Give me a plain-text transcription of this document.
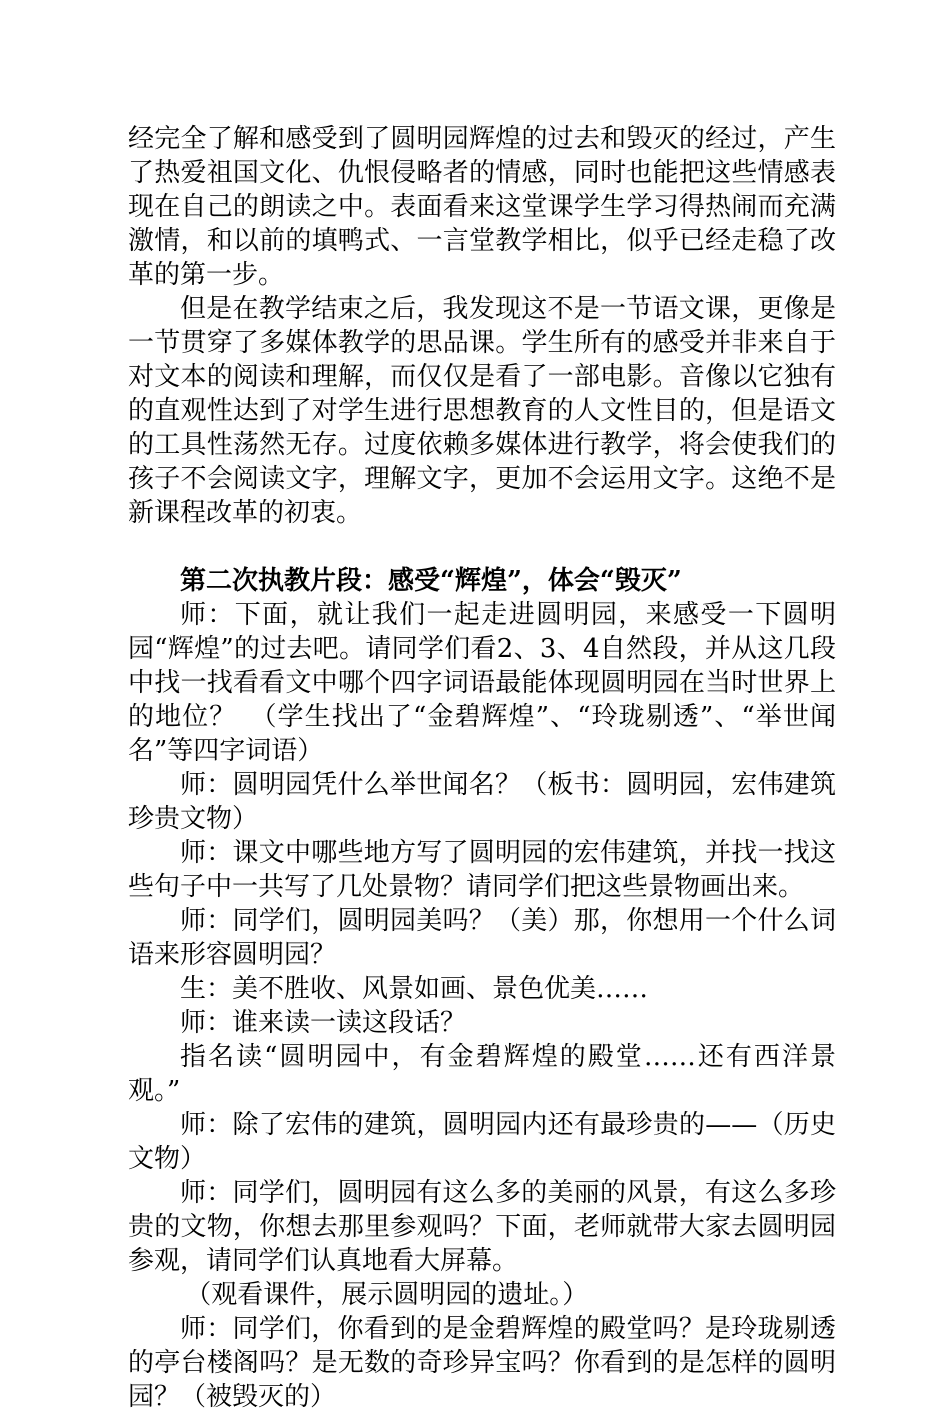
经完全了解和感受到了圆明园辉煌的过去和毁灭的经过，产生了热爱祖国文化、仇恨侵略者的情感，同时也能把这些情感表现在自己的朗读之中。表面看来这堂课学生学习得热闹而充满激情，和以前的填鸭式、一言堂教学相比，似乎已经走稳了改革的第一步。

但是在教学结束之后，我发现这不是一节语文课，更像是一节贯穿了多媒体教学的思品课。学生所有的感受并非来自于对文本的阅读和理解，而仅仅是看了一部电影。音像以它独有的直观性达到了对学生进行思想教育的人文性目的，但是语文的工具性荡然无存。过度依赖多媒体进行教学，将会使我们的孩子不会阅读文字，理解文字，更加不会运用文字。这绝不是新课程改革的初衷。

第二次执教片段：感受“辉煌”，体会“毁灭”

师：下面，就让我们一起走进圆明园，来感受一下圆明园“辉煌”的过去吧。请同学们看2、3、4自然段，并从这几段中找一找看看文中哪个四字词语最能体现圆明园在当时世界上的地位？　（学生找出了“金碧辉煌”、“玲珑剔透”、“举世闻名”等四字词语）

师：圆明园凭什么举世闻名？（板书：圆明园，宏伟建筑珍贵文物）

师：课文中哪些地方写了圆明园的宏伟建筑，并找一找这些句子中一共写了几处景物？请同学们把这些景物画出来。

师：同学们，圆明园美吗？（美）那，你想用一个什么词语来形容圆明园？

生：美不胜收、风景如画、景色优美……

师：谁来读一读这段话？

指名读“圆明园中，有金碧辉煌的殿堂……还有西洋景观。”

师：除了宏伟的建筑，圆明园内还有最珍贵的——（历史文物）

师：同学们，圆明园有这么多的美丽的风景，有这么多珍贵的文物，你想去那里参观吗？下面，老师就带大家去圆明园参观，请同学们认真地看大屏幕。

（观看课件，展示圆明园的遗址。）

师：同学们，你看到的是金碧辉煌的殿堂吗？是玲珑剔透的亭台楼阁吗？是无数的奇珍异宝吗？你看到的是怎样的圆明园？（被毁灭的）
